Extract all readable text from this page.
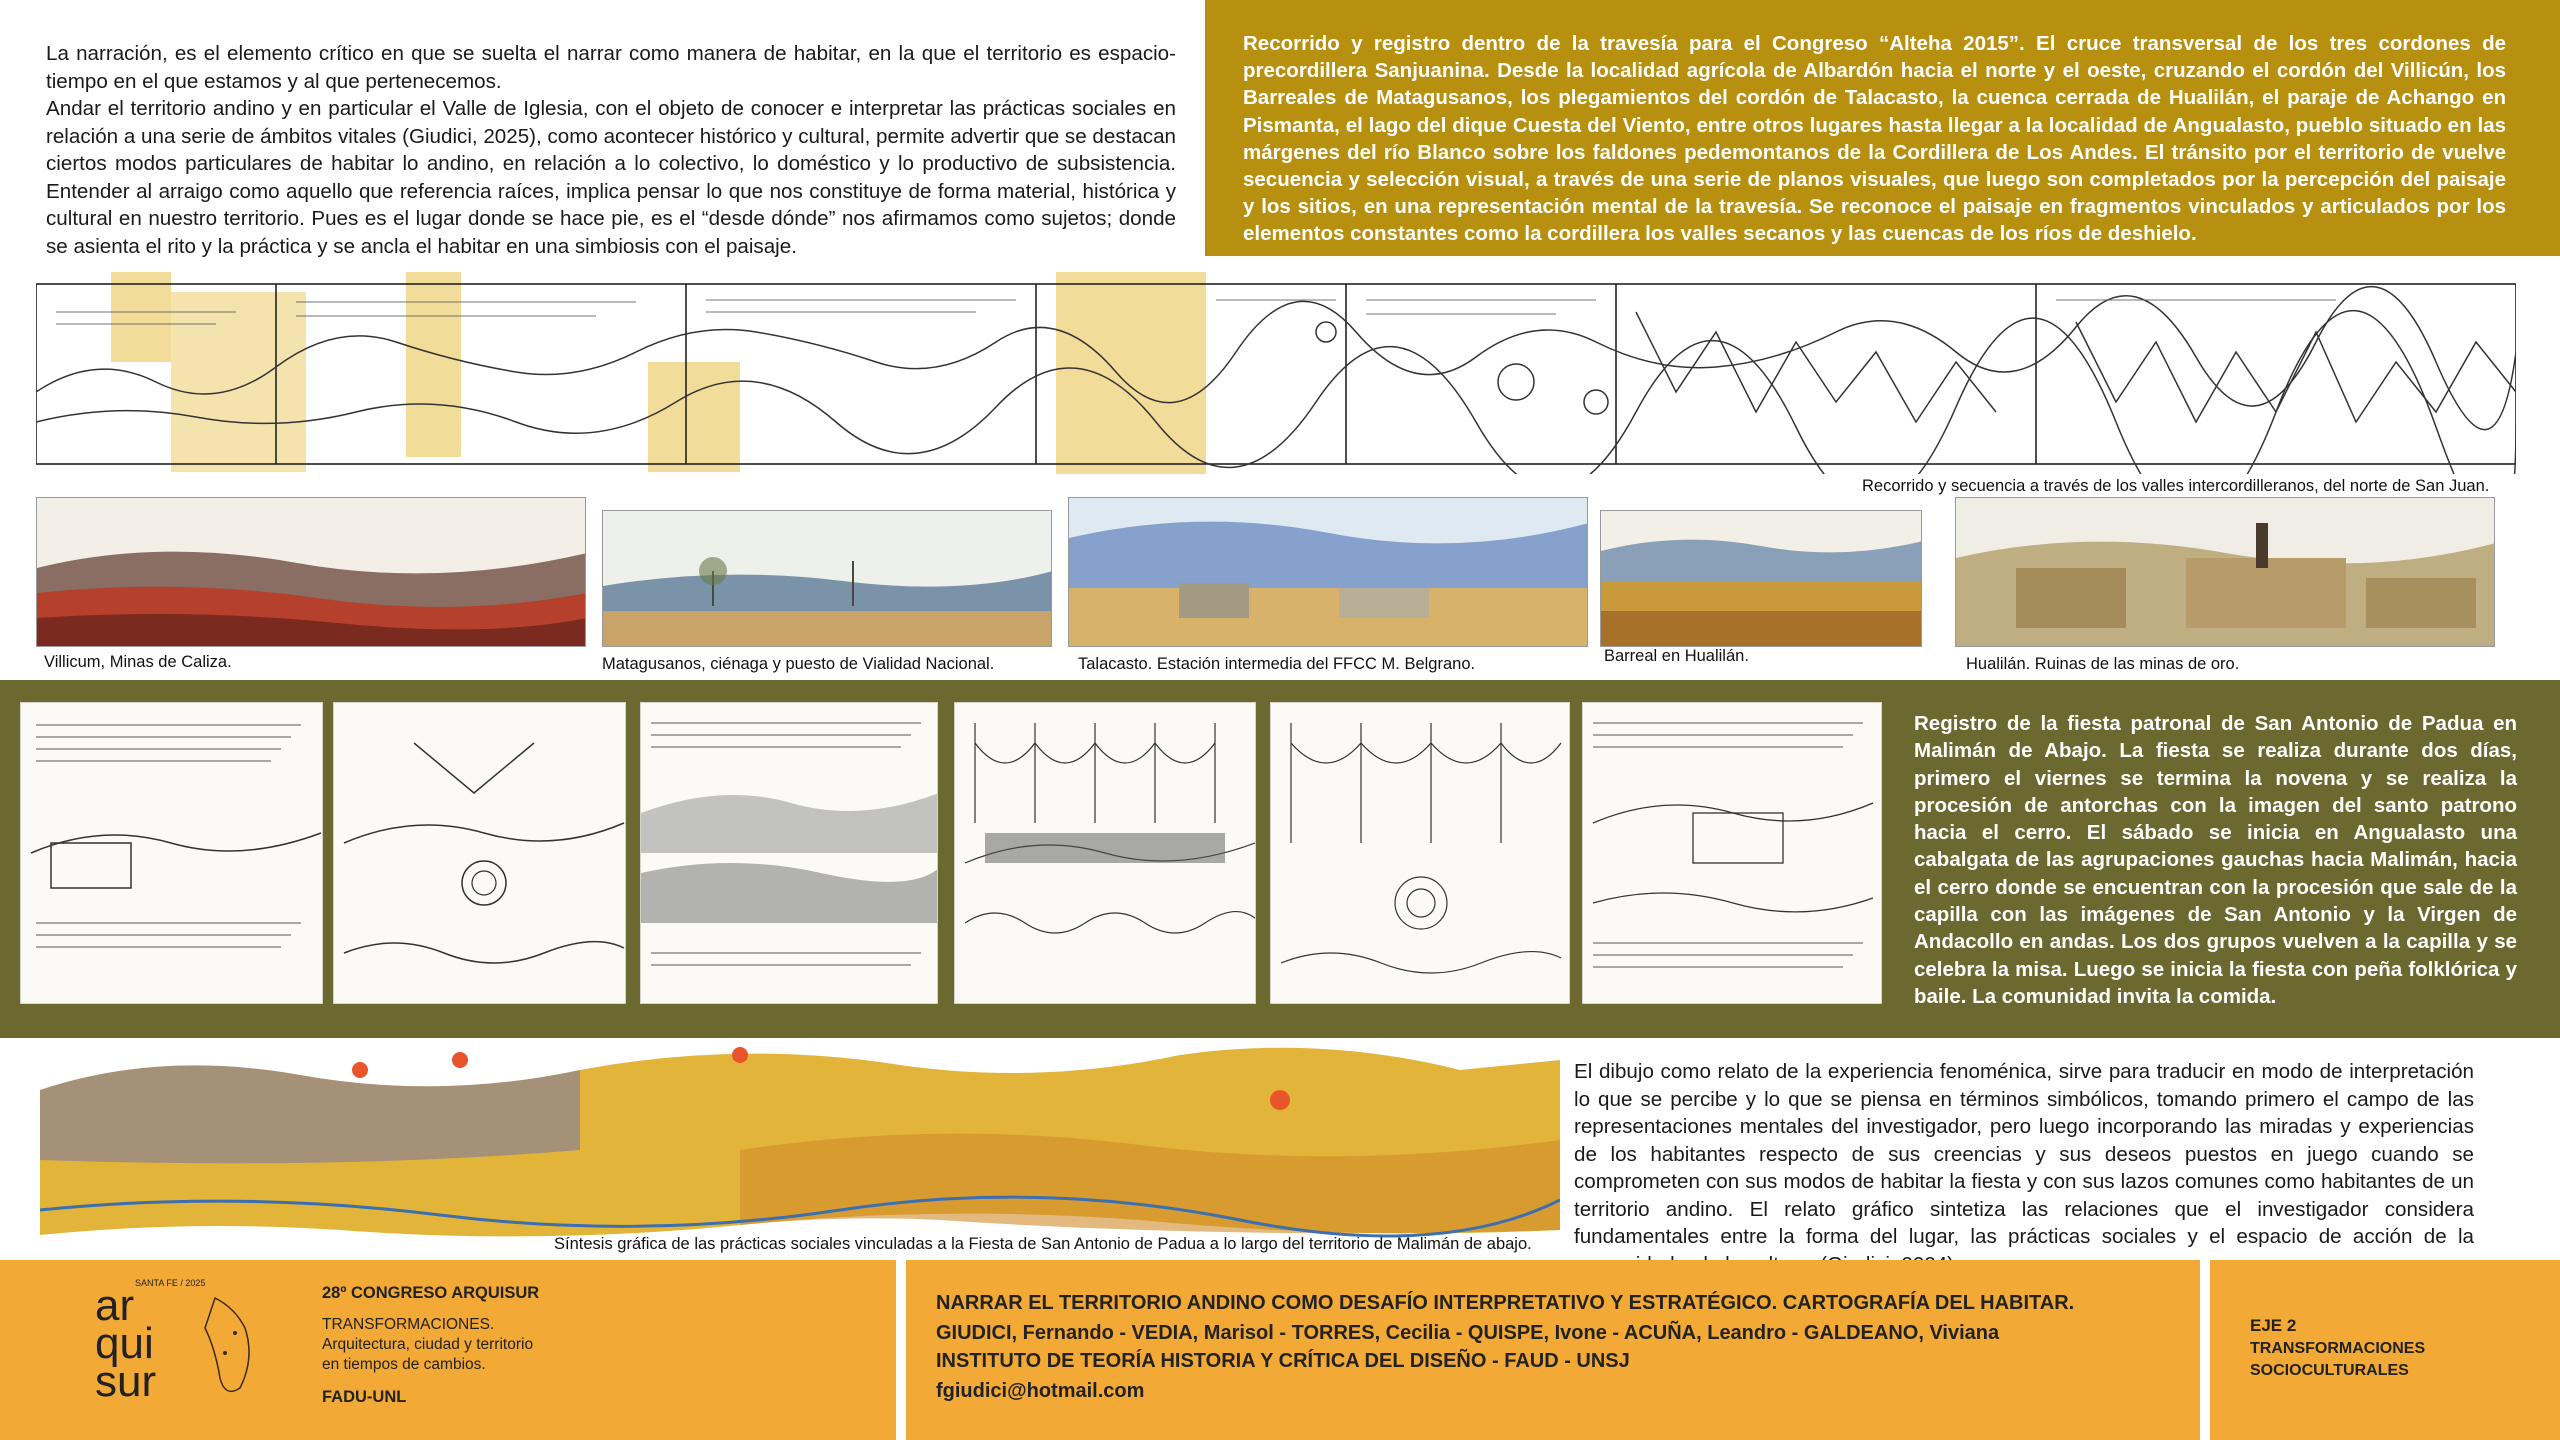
La narración, es el elemento crítico en que se suelta el narrar como manera de habitar, en la que el territorio es espacio-tiempo en el que estamos y al que pertenecemos.

Andar el territorio andino y en particular el Valle de Iglesia, con el objeto de conocer e interpretar las prácticas sociales en relación a una serie de ámbitos vitales (Giudici, 2025), como acontecer histórico y cultural, permite advertir que se destacan ciertos modos particulares de habitar lo andino, en relación a lo colectivo, lo doméstico y lo productivo de subsistencia. Entender al arraigo como aquello que referencia raíces, implica pensar lo que nos constituye de forma material, histórica y cultural en nuestro territorio. Pues es el lugar donde se hace pie, es el “desde dónde” nos afirmamos como sujetos; donde se asienta el rito y la práctica y se ancla el habitar en una simbiosis con el paisaje.

Recorrido y registro dentro de la travesía para el Congreso “Alteha 2015”. El cruce transversal de los tres cordones de precordillera Sanjuanina. Desde la localidad agrícola de Albardón hacia el norte y el oeste, cruzando el cordón del Villicún, los Barreales de Matagusanos, los plegamientos del cordón de Talacasto, la cuenca cerrada de Hualilán, el paraje de Achango en Pismanta, el lago del dique Cuesta del Viento, entre otros lugares hasta llegar a la localidad de Angualasto, pueblo situado en las márgenes del río Blanco sobre los faldones pedemontanos de la Cordillera de Los Andes. El tránsito por el territorio de vuelve secuencia y selección visual, a través de una serie de planos visuales, que luego son completados por la percepción del paisaje y los sitios, en una representación mental de la travesía. Se reconoce el paisaje en fragmentos vinculados y articulados por los elementos constantes como la cordillera los valles secanos y las cuencas de los ríos de deshielo.

Recorrido y secuencia a través de los valles intercordilleranos, del norte de San Juan.

Villicum, Minas de Caliza.	Matagusanos, ciénaga y puesto de Vialidad Nacional.	Talacasto. Estación intermedia del FFCC M. Belgrano.	Barreal en Hualilán.	Hualilán. Ruinas de las minas de oro.

Registro de la fiesta patronal de San Antonio de Padua en Malimán de Abajo. La fiesta se realiza durante dos días, primero el viernes se termina la novena y se realiza la procesión de antorchas con la imagen del santo patrono hacia el cerro. El sábado se inicia en Angualasto una cabalgata de las agrupaciones gauchas hacia Malimán, hacia el cerro donde se encuentran con la procesión que sale de la capilla con las imágenes de San Antonio y la Virgen de Andacollo en andas. Los dos grupos vuelven a la capilla y se celebra la misa. Luego se inicia la fiesta con peña folklórica y baile. La comunidad invita la comida.

Síntesis gráfica de las prácticas sociales vinculadas a la Fiesta de San Antonio de Padua a lo largo del territorio de Malimán de abajo.

El dibujo como relato de la experiencia fenoménica, sirve para traducir en modo de interpretación lo que se percibe y lo que se piensa en términos simbólicos, tomando primero el campo de las representaciones mentales del investigador, pero luego incorporando las miradas y experiencias de los habitantes respecto de sus creencias y sus deseos puestos en juego cuando se comprometen con sus modos de habitar la fiesta y con sus lazos comunes como habitantes de un territorio andino. El relato gráfico sintetiza las relaciones que el investigador considera fundamentales entre la forma del lugar, las prácticas sociales y el espacio de acción de la

SANTA FE / 2025

ar

qui

sur

28º CONGRESO ARQUISUR

TRANSFORMACIONES.

Arquitectura, ciudad y territorio

en tiempos de cambios.

FADU-UNL

NARRAR EL TERRITORIO ANDINO COMO DESAFÍO INTERPRETATIVO Y ESTRATÉGICO. CARTOGRAFÍA DEL HABITAR.

GIUDICI, Fernando - VEDIA, Marisol - TORRES, Cecilia - QUISPE, Ivone - ACUÑA, Leandro - GALDEANO, Viviana

INSTITUTO DE TEORÍA HISTORIA Y CRÍTICA DEL DISEÑO - FAUD - UNSJ

fgiudici@hotmail.com

EJE 2

TRANSFORMACIONES

SOCIOCULTURALES
